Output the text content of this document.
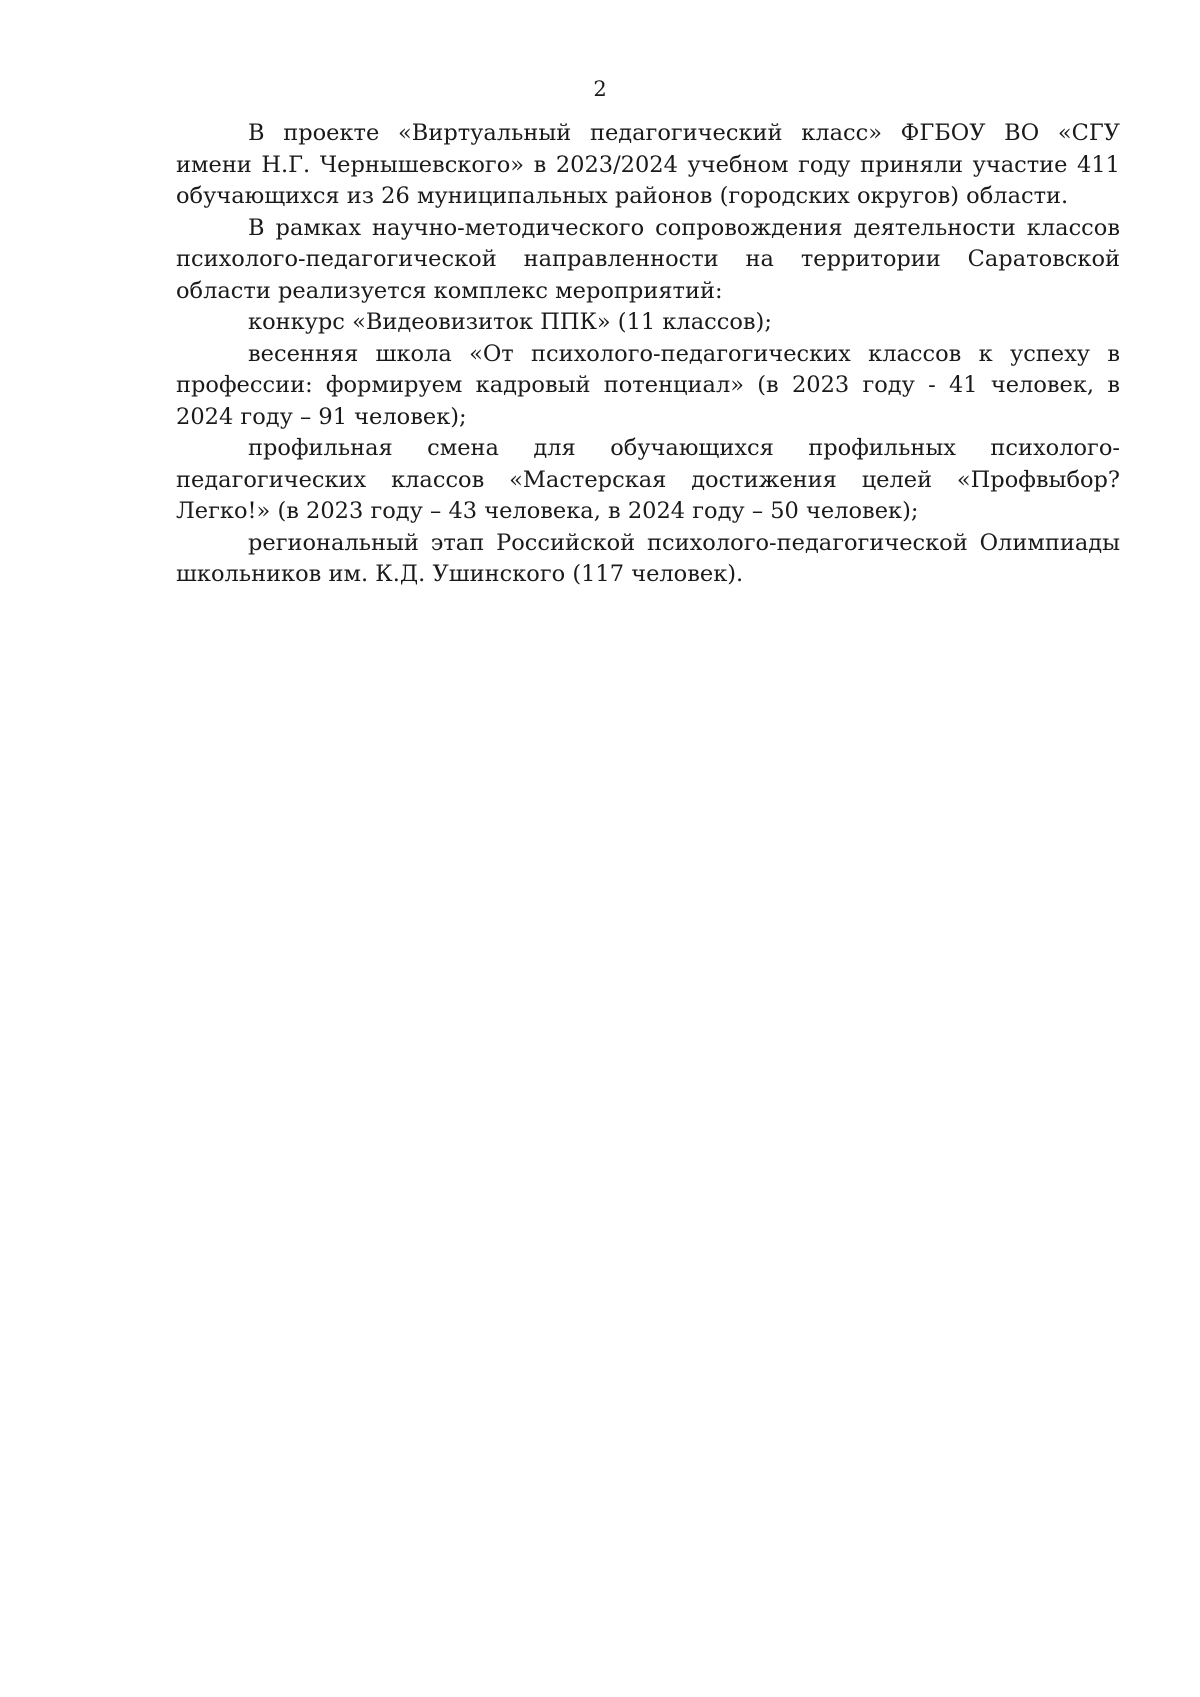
2

В проекте «Виртуальный педагогический класс» ФГБОУ ВО «СГУ имени Н.Г. Чернышевского» в 2023/2024 учебном году приняли участие 411 обучающихся из 26 муниципальных районов (городских округов) области.

В рамках научно-методического сопровождения деятельности классов психолого-педагогической направленности на территории Саратовской области реализуется комплекс мероприятий:

конкурс «Видеовизиток ППК» (11 классов);

весенняя школа «От психолого-педагогических классов к успеху в профессии: формируем кадровый потенциал» (в 2023 году - 41 человек, в 2024 году – 91 человек);

профильная смена для обучающихся профильных психолого-педагогических классов «Мастерская достижения целей «Профвыбор? Легко!» (в 2023 году – 43 человека, в 2024 году – 50 человек);

региональный этап Российской психолого-педагогической Олимпиады школьников им. К.Д. Ушинского (117 человек).
